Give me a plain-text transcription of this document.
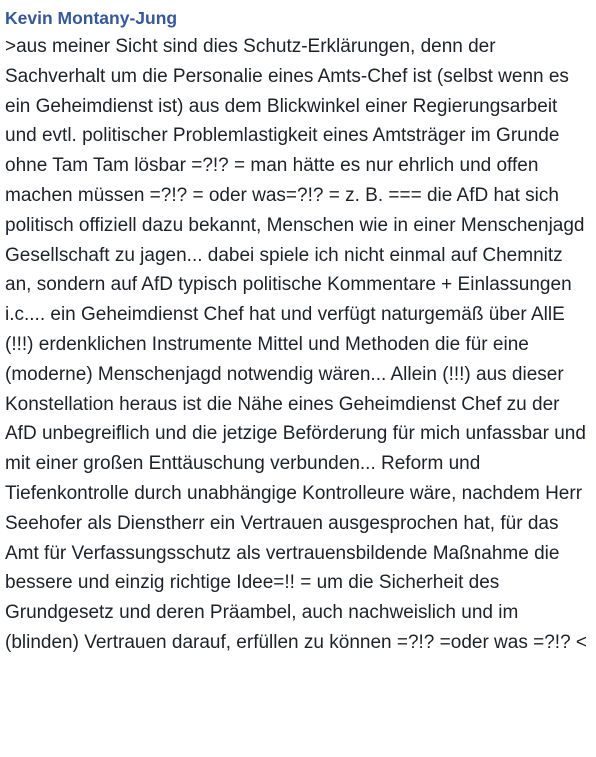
Kevin Montany-Jung

>aus meiner Sicht sind dies Schutz-Erklärungen, denn der Sachverhalt um die Personalie eines Amts-Chef ist (selbst wenn es ein Geheimdienst ist) aus dem Blickwinkel einer Regierungsarbeit und evtl. politischer Problemlastigkeit eines Amtsträger im Grunde ohne Tam Tam lösbar =?!? = man hätte es nur ehrlich und offen machen müssen =?!? = oder was=?!? = z. B. === die AfD hat sich politisch offiziell dazu bekannt, Menschen wie in einer Menschenjagd Gesellschaft zu jagen... dabei spiele ich nicht einmal auf Chemnitz an, sondern auf AfD typisch politische Kommentare + Einlassungen i.c.... ein Geheimdienst Chef hat und verfügt naturgemäß über AllE (!!!) erdenklichen Instrumente Mittel und Methoden die für eine (moderne) Menschenjagd notwendig wären... Allein (!!!) aus dieser Konstellation heraus ist die Nähe eines Geheimdienst Chef zu der AfD unbegreiflich und die jetzige Beförderung für mich unfassbar und mit einer großen Enttäuschung verbunden... Reform und Tiefenkontrolle durch unabhängige Kontrolleure wäre, nachdem Herr Seehofer als Dienstherr ein Vertrauen ausgesprochen hat, für das Amt für Verfassungsschutz als vertrauensbildende Maßnahme die bessere und einzig richtige Idee=!! = um die Sicherheit des Grundgesetz und deren Präambel, auch nachweislich und im (blinden) Vertrauen darauf, erfüllen zu können =?!? =oder was =?!? <
